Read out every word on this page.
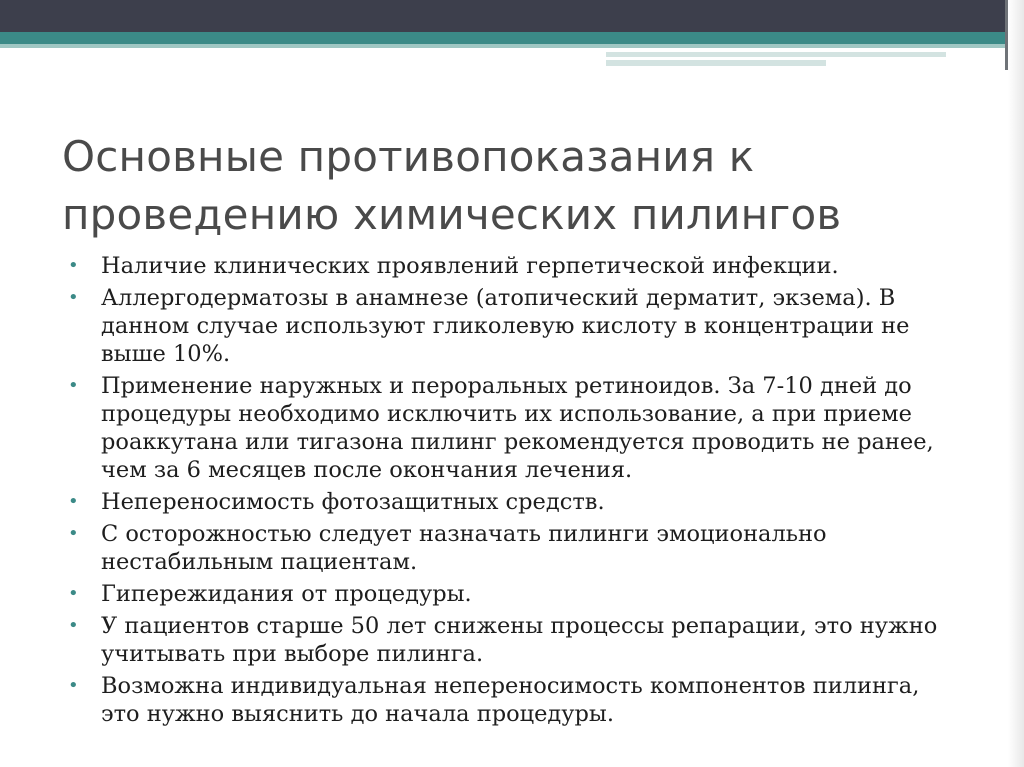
Основные противопоказания к проведению химических пилингов
• Наличие клинических проявлений герпетической инфекции.
• Аллергодерматозы в анамнезе (атопический дерматит, экзема). В данном случае используют гликолевую кислоту в концентрации не выше 10%.
• Применение наружных и пероральных ретиноидов. За 7-10 дней до процедуры необходимо исключить их использование, а при приеме роаккутана или тигазона пилинг рекомендуется проводить не ранее, чем за 6 месяцев после окончания лечения.
• Непереносимость фотозащитных средств.
• С осторожностью следует назначать пилинги эмоционально нестабильным пациентам.
• Гипережидания от процедуры.
• У пациентов старше 50 лет снижены процессы репарации, это нужно учитывать при выборе пилинга.
• Возможна индивидуальная непереносимость компонентов пилинга, это нужно выяснить до начала процедуры.
